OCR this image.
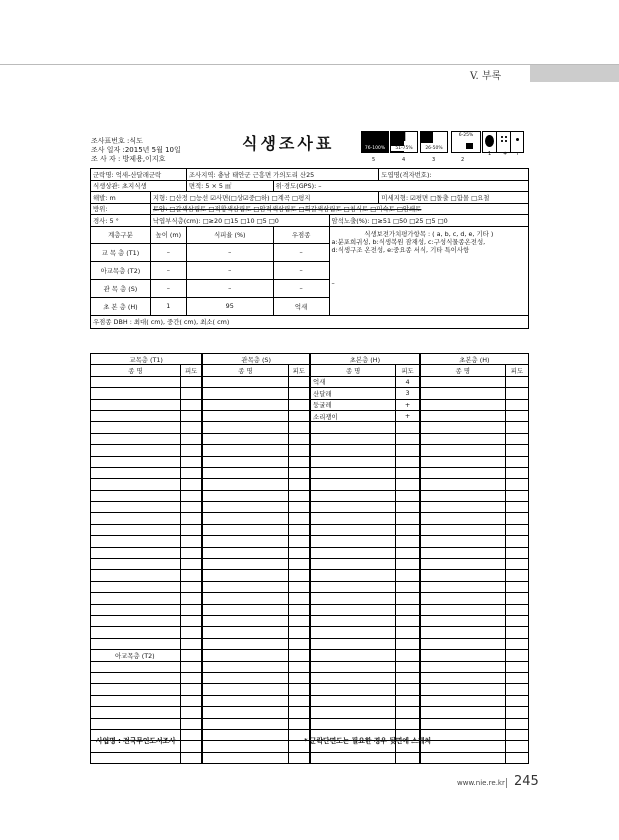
V. 부록
조사표번호 :식도
조사 일자 :2015년 5월 10일
조 사 자 : 방제용,이지호
식생조사표	76-100%	51-75%	26-50%
6-25%
5	4	3	2
1 + r
군락명: 억새-산달래군락		조사지역: 충남 태안군 근흥면 가의도리 산25			도엽명(격자번호):
식생상관: 초지식생		면적: 5 × 5 ㎡	위·경도(GPS): –		
해발: m	지형: □산정 □능선 ☑사면(□상☑중□하) □계곡 □평지				미세지형: ☑평면 □돌출 □함몰 □요철
방위:	토양: □갈색삼림토 □적황색삼림토 □암적색삼림토 □회갈색삼림토 □침식토 □미숙토 □암쇄토				
경사: 5 °	낙엽부식층(cm): □≥20 □15 □10 □5 □0			암석노출(%): □≥51 □50 □25 □5 □0	
계층구분	높이 (m)	식피율 (%)	우점종	식생보전가치평가항목 : ( a, b, c, d, e, 기타 )
a:분포희귀성, b:식생복원 잠재성, c:구성식물종온전성,
d:식생구조 온전성, e:중요종 서식, 기타 특이사항
–	

교 목 층 (T1)	–	–	–		
아교목층 (T2)	–	–	–		
관 목 층 (S)	–	–	–		
초 본 층 (H)	1	95	억새		
우점종 DBH : 최대( cm), 중간( cm), 최소( cm)					
교목층 (T1)		관목층 (S)		초본층 (H)		초본층 (H)	
종 명	피도	종 명	피도	종 명	피도	종 명	피도
				억새	4		
				산달래	3		
				둥굴레	+		
				소리쟁이	+		

아교목층 (T2)							

사업명 : 전국무인도서조사	* 군락단면도는 필요한 경우 뒷면에 스케치
www.nie.re.kr 245
